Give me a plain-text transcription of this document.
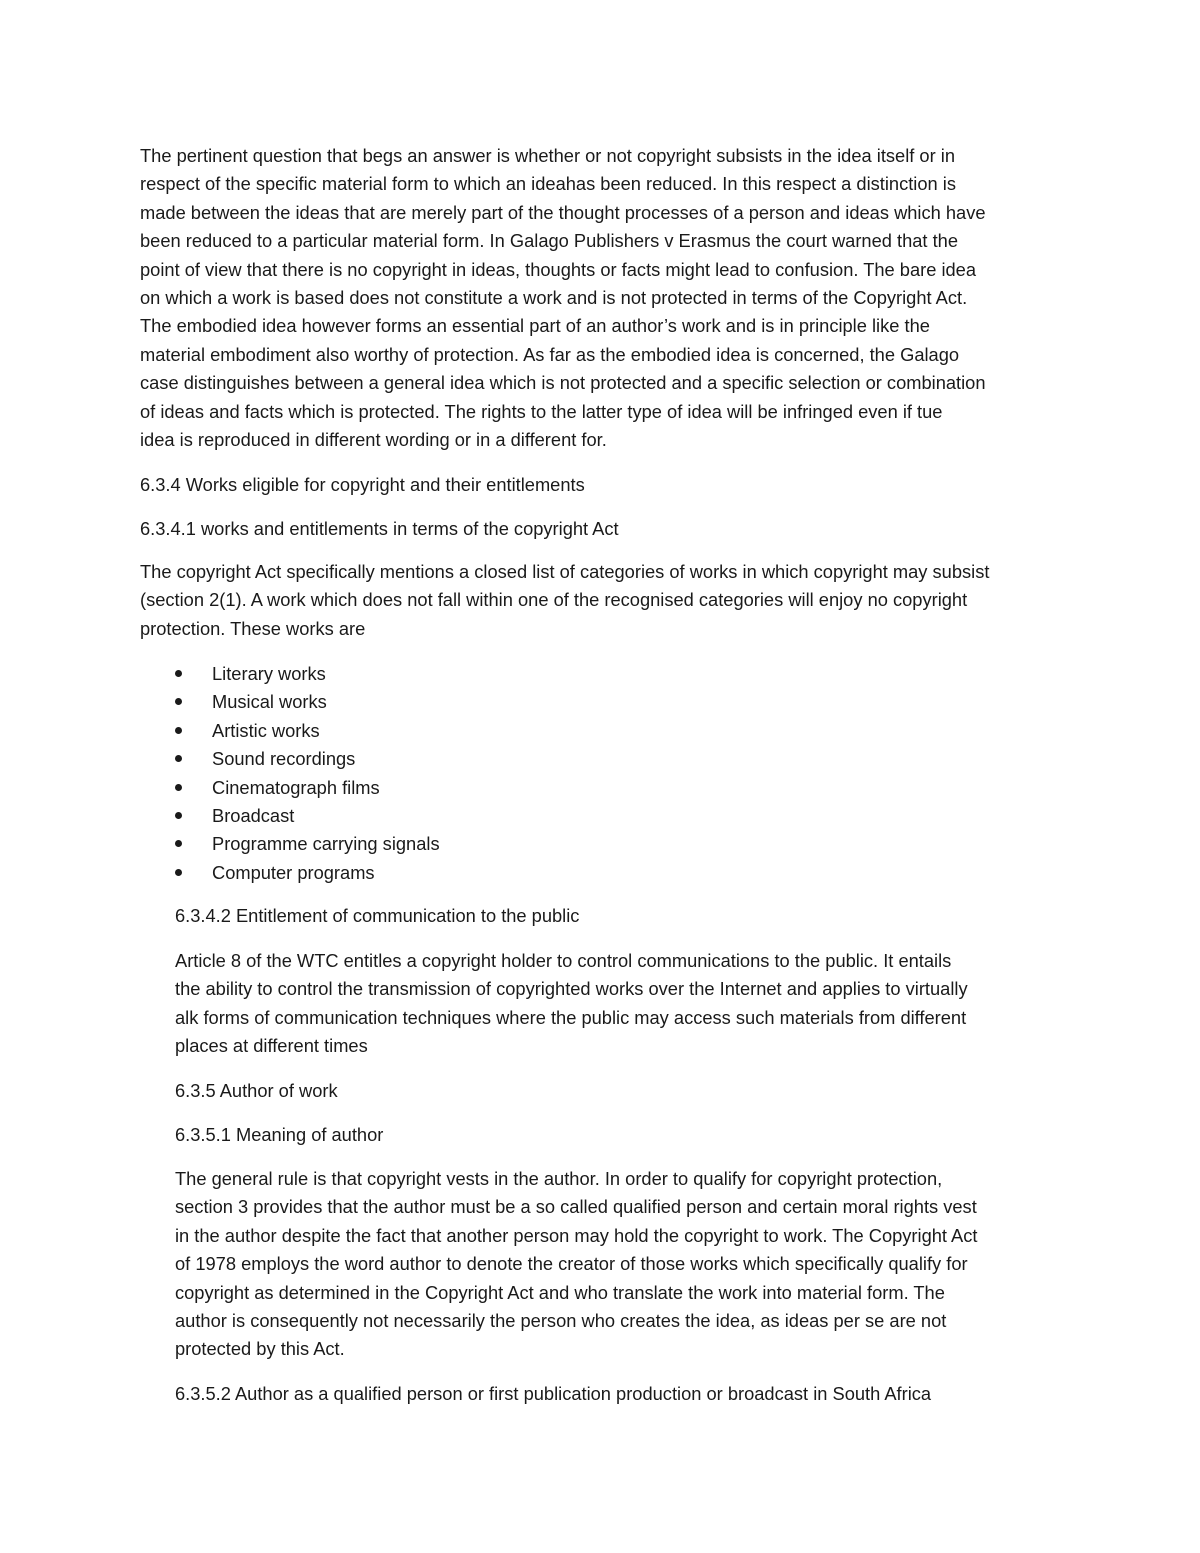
The pertinent question that begs an answer is whether or not copyright subsists in the idea itself or in
respect of the specific material form to which an ideahas been reduced. In this respect a distinction is
made between the ideas that are merely part of the thought processes of a person and ideas which have
been reduced to a particular material form. In Galago Publishers v Erasmus the court warned that the
point of view that there is no copyright in ideas, thoughts or facts might lead to confusion. The bare idea
on which a work is based does not constitute a work and is not protected in terms of the Copyright Act.
The embodied idea however forms an essential part of an author’s work and is in principle like the
material embodiment also worthy of protection. As far as the embodied idea is concerned, the Galago
case distinguishes between a general idea which is not protected and a specific selection or combination
of ideas and facts which is protected. The rights to the latter type of idea will be infringed even if tue
idea is reproduced in different wording or in a different for.

6.3.4 Works eligible for copyright and their entitlements

6.3.4.1 works and entitlements in terms of the copyright Act

The copyright Act specifically mentions a closed list of categories of works in which copyright may subsist
(section 2(1). A work which does not fall within one of the recognised categories will enjoy no copyright
protection. These works are

Literary works
Musical works
Artistic works
Sound recordings
Cinematograph films
Broadcast
Programme carrying signals
Computer programs

6.3.4.2 Entitlement of communication to the public

Article 8 of the WTC entitles a copyright holder to control communications to the public. It entails
the ability to control the transmission of copyrighted works over the Internet and applies to virtually
alk forms of communication techniques where the public may access such materials from different
places at different times

6.3.5 Author of work

6.3.5.1 Meaning of author

The general rule is that copyright vests in the author. In order to qualify for copyright protection,
section 3 provides that the author must be a so called qualified person and certain moral rights vest
in the author despite the fact that another person may hold the copyright to work. The Copyright Act
of 1978 employs the word author to denote the creator of those works which specifically qualify for
copyright as determined in the Copyright Act and who translate the work into material form. The
author is consequently not necessarily the person who creates the idea, as ideas per se are not
protected by this Act.

6.3.5.2 Author as a qualified person or first publication production or broadcast in South Africa
